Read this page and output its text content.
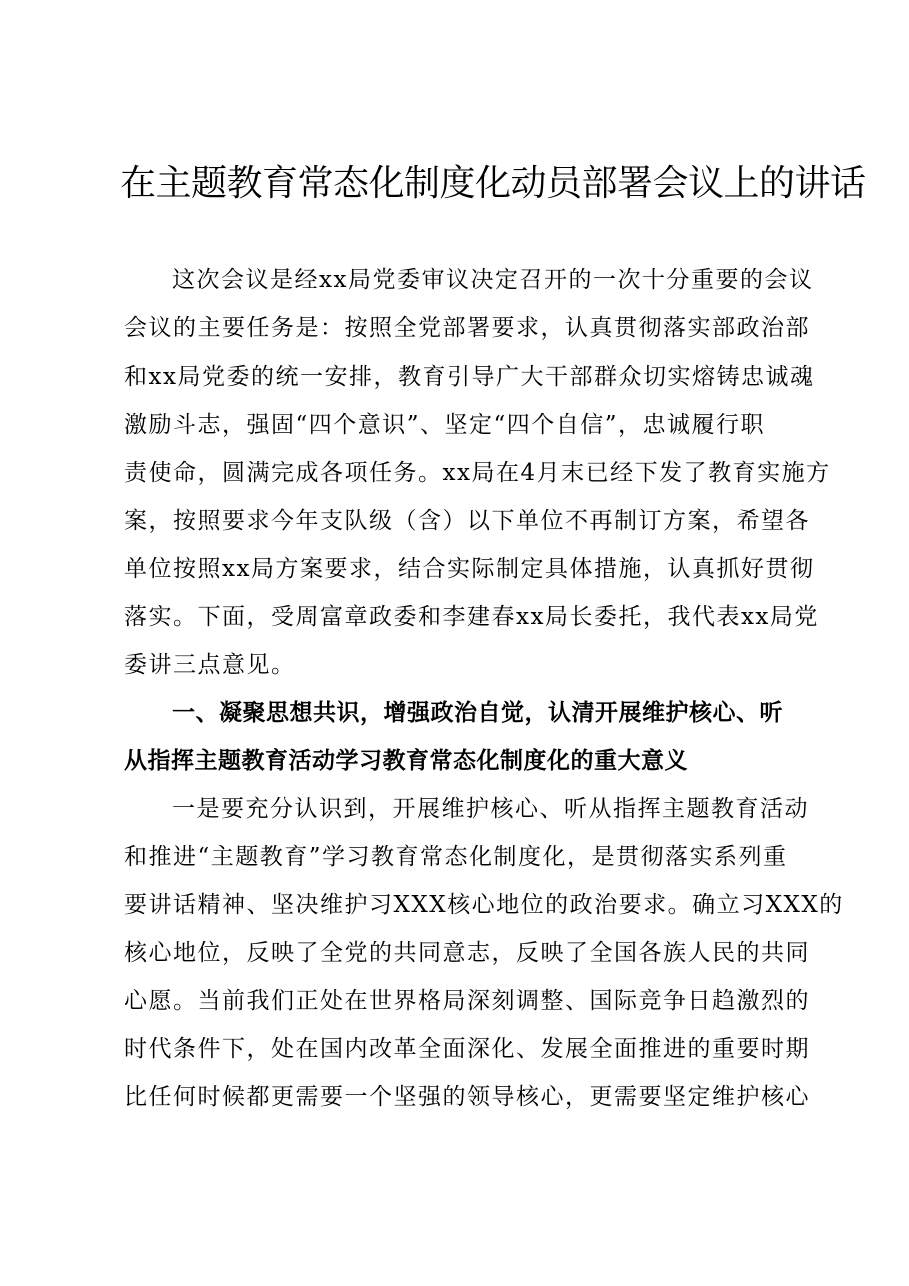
在主题教育常态化制度化动员部署会议上的讲话
这次会议是经xx局党委审议决定召开的一次十分重要的会议
会议的主要任务是：按照全党部署要求，认真贯彻落实部政治部
和xx局党委的统一安排，教育引导广大干部群众切实熔铸忠诚魂
激励斗志，强固“四个意识”、坚定“四个自信”，忠诚履行职
责使命，圆满完成各项任务。xx局在4月末已经下发了教育实施方
案，按照要求今年支队级（含）以下单位不再制订方案，希望各
单位按照xx局方案要求，结合实际制定具体措施，认真抓好贯彻
落实。下面，受周富章政委和李建春xx局长委托，我代表xx局党
委讲三点意见。
一、凝聚思想共识，增强政治自觉，认清开展维护核心、听
从指挥主题教育活动学习教育常态化制度化的重大意义
一是要充分认识到，开展维护核心、听从指挥主题教育活动
和推进“主题教育”学习教育常态化制度化，是贯彻落实系列重
要讲话精神、坚决维护习XXX核心地位的政治要求。确立习XXX的
核心地位，反映了全党的共同意志，反映了全国各族人民的共同
心愿。当前我们正处在世界格局深刻调整、国际竞争日趋激烈的
时代条件下，处在国内改革全面深化、发展全面推进的重要时期
比任何时候都更需要一个坚强的领导核心，更需要坚定维护核心
